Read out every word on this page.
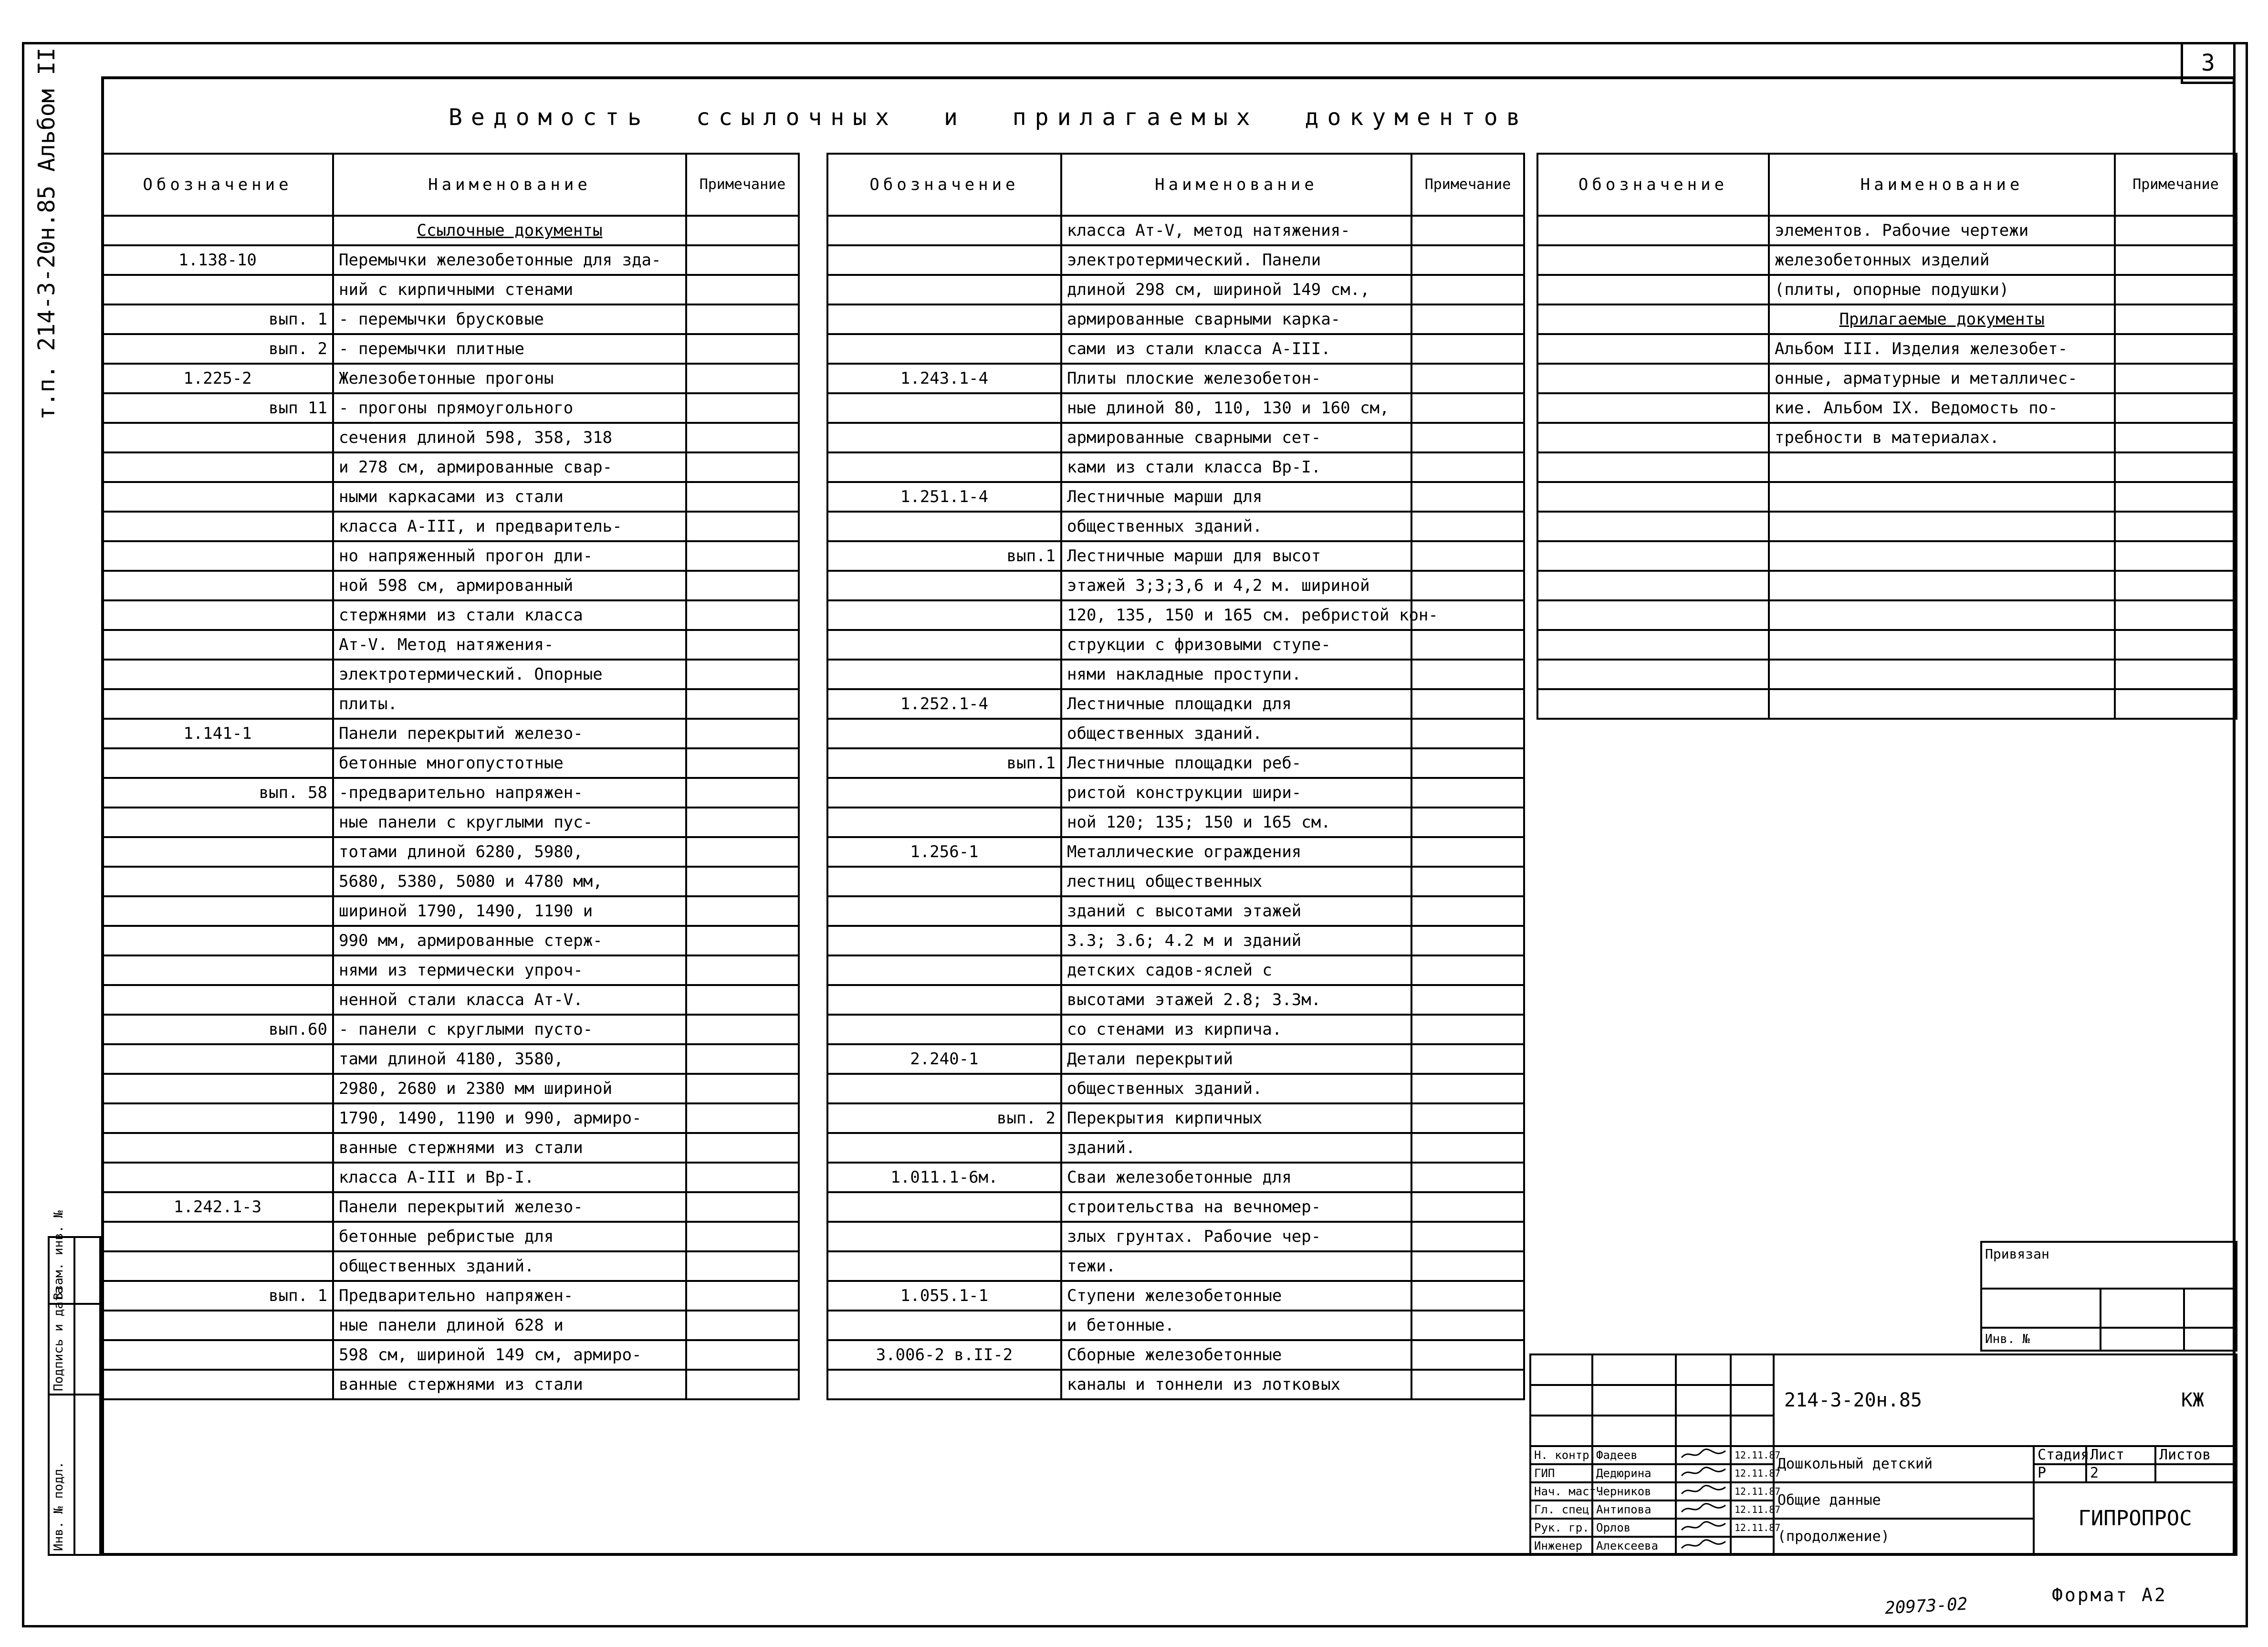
3
Ведомость ссылочных и прилагаемых документов
т.п. 214-3-20н.85 Альбом II
Инв. № подл.
Подпись и дата
Взам. инв. №
Обозначение	Наименование	Примечание
	Ссылочные документы	
1.138-10	Перемычки железобетонные для зда-	
	ний с кирпичными стенами	
вып. 1	- перемычки брусковые	
вып. 2	- перемычки плитные	
1.225-2	Железобетонные прогоны	
вып 11	- прогоны прямоугольного	
	сечения длиной 598, 358, 318	
	и 278 см, армированные свар-	
	ными каркасами из стали	
	класса А-III, и предваритель-	
	но напряженный прогон дли-	
	ной 598 см, армированный	
	стержнями из стали класса	
	Ат-V. Метод натяжения-	
	электротермический. Опорные	
	плиты.	
1.141-1	Панели перекрытий железо-	
	бетонные многопустотные	
вып. 58	-предварительно напряжен-	
	ные панели с круглыми пус-	
	тотами длиной 6280, 5980,	
	5680, 5380, 5080 и 4780 мм,	
	шириной 1790, 1490, 1190 и	
	990 мм, армированные стерж-	
	нями из термически упроч-	
	ненной стали класса Ат-V.	
вып.60	- панели с круглыми пусто-	
	тами длиной 4180, 3580,	
	2980, 2680 и 2380 мм шириной	
	1790, 1490, 1190 и 990, армиро-	
	ванные стержнями из стали	
	класса А-III и Вр-I.	
1.242.1-3	Панели перекрытий железо-	
	бетонные ребристые для	
	общественных зданий.	
вып. 1	Предварительно напряжен-	
	ные панели длиной 628 и	
	598 см, шириной 149 см, армиро-	
	ванные стержнями из стали	
Обозначение	Наименование	Примечание
	класса Ат-V, метод натяжения-	
	электротермический. Панели	
	длиной 298 см, шириной 149 см.,	
	армированные сварными карка-	
	сами из стали класса А-III.	
1.243.1-4	Плиты плоские железобетон-	
	ные длиной 80, 110, 130 и 160 см,	
	армированные сварными сет-	
	ками из стали класса Вр-I.	
1.251.1-4	Лестничные марши для	
	общественных зданий.	
вып.1	Лестничные марши для высот	
	этажей 3;3;3,6 и 4,2 м. шириной	
	120, 135, 150 и 165 см. ребристой кон-	
	струкции с фризовыми ступе-	
	нями накладные проступи.	
1.252.1-4	Лестничные площадки для	
	общественных зданий.	
вып.1	Лестничные площадки реб-	
	ристой конструкции шири-	
	ной 120; 135; 150 и 165 см.	
1.256-1	Металлические ограждения	
	лестниц общественных	
	зданий с высотами этажей	
	3.3; 3.6; 4.2 м и зданий	
	детских садов-яслей с	
	высотами этажей 2.8; 3.3м.	
	со стенами из кирпича.	
2.240-1	Детали перекрытий	
	общественных зданий.	
вып. 2	Перекрытия кирпичных	
	зданий.	
1.011.1-6м.	Сваи железобетонные для	
	строительства на вечномер-	
	злых грунтах. Рабочие чер-	
	тежи.	
1.055.1-1	Ступени железобетонные	
	и бетонные.	
3.006-2 в.II-2	Сборные железобетонные	
	каналы и тоннели из лотковых	
Обозначение	Наименование	Примечание
	элементов. Рабочие чертежи	
	железобетонных изделий	
	(плиты, опорные подушки)	
	Прилагаемые документы	
	Альбом III. Изделия железобет-	
	онные, арматурные и металличес-	
	кие. Альбом IX. Ведомость по-	
	требности в материалах.	

Привязан		

Инв. №		

				214-3-20н.85 КЖ			

Н. контр.	Фадеев		12.11.87	Дошкольный детский	Стадия	Лист	Листов
ГИП	Дедюрина		12.11.87		Р	2	
Нач. маст.	Черников		12.11.87	Общие данные	ГИПРОПРОС		
Гл. спец.	Антипова		12.11.87				
Рук. гр.	Орлов		12.11.87	(продолжение)			
Инженер	Алексеева		
Формат А2
20973-02
